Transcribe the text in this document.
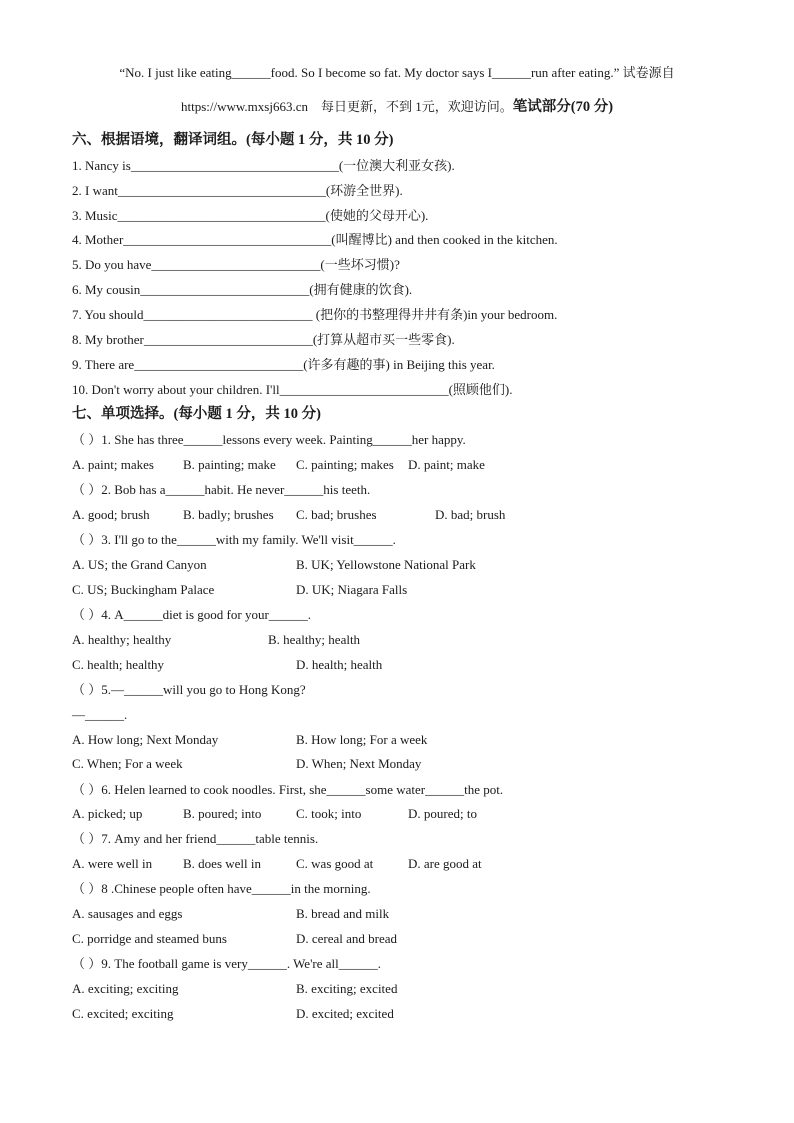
“No. I just like eating______food. So I become so fat. My doctor says I______run after eating.” 试卷源自
https://www.mxsj663.cn 每日更新，不到 1元，欢迎访问。笔试部分(70 分)
六、根据语境，翻译词组。(每小题 1 分，共 10 分)
1. Nancy is________________________________(一位澳大利亚女孩).
2. I want________________________________(环游全世界).
3. Music________________________________(使她的父母开心).
4. Mother________________________________(叫醒博比) and then cooked in the kitchen.
5. Do you have__________________________(一些坏习惯)?
6. My cousin__________________________(拥有健康的饮食).
7. You should__________________________ (把你的书整理得井井有条)in your bedroom.
8. My brother__________________________(打算从超市买一些零食).
9. There are__________________________(许多有趣的事) in Beijing this year.
10. Don't worry about your children. I'll__________________________(照顾他们).
七、单项选择。(每小题 1 分，共 10 分)
（ ）1. She has three______lessons every week. Painting______her happy.
A. paint; makes B. painting; make C. painting; makes D. paint; make
（ ）2. Bob has a______habit. He never______his teeth.
A. good; brush	B. badly; brushes C. bad; brushes	D. bad; brush
（ ）3. I'll go to the______with my family. We'll visit______.
A. US; the Grand Canyon	B. UK; Yellowstone National Park
C. US; Buckingham Palace	D. UK; Niagara Falls
（ ）4. A______diet is good for your______.
A. healthy; healthy	B. healthy; health
C. health; healthy	D. health; health
（ ）5.—______will you go to Hong Kong?
—______.
A. How long; Next Monday	B. How long; For a week
C. When; For a week	D. When; Next Monday
（ ）6. Helen learned to cook noodles. First, she______some water______the pot.
A. picked; up	B. poured; into	C. took; into	D. poured; to
（ ）7. Amy and her friend______table tennis.
A. were well in B. does well in	C. was good at	D. are good at
（ ）8 .Chinese people often have______in the morning.
A. sausages and eggs	B. bread and milk
C. porridge and steamed buns	D. cereal and bread
（ ）9. The football game is very______. We're all______.
A. exciting; exciting	B. exciting; excited
C. excited; exciting	D. excited; excited
